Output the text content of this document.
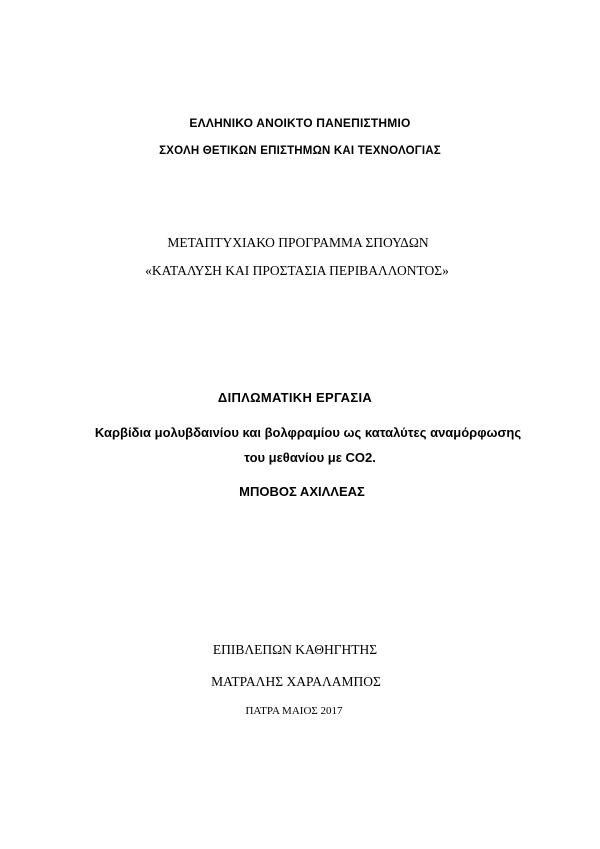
ΕΛΛΗΝΙΚΟ ΑΝΟΙΚΤΟ ΠΑΝΕΠΙΣΤΗΜΙΟ
ΣΧΟΛΗ ΘΕΤΙΚΩΝ ΕΠΙΣΤΗΜΩΝ ΚΑΙ ΤΕΧΝΟΛΟΓΙΑΣ
ΜΕΤΑΠΤΥΧΙΑΚΟ ΠΡΟΓΡΑΜΜΑ ΣΠΟΥΔΩΝ
«ΚΑΤΑΛΥΣΗ ΚΑΙ ΠΡΟΣΤΑΣΙΑ ΠΕΡΙΒΑΛΛΟΝΤΟΣ»
ΔΙΠΛΩΜΑΤΙΚΗ ΕΡΓΑΣΙΑ
Καρβίδια μολυβδαινίου και βολφραμίου ως καταλύτες αναμόρφωσης
του μεθανίου με CO2.
ΜΠΟΒΟΣ ΑΧΙΛΛΕΑΣ
ΕΠΙΒΛΕΠΩΝ ΚΑΘΗΓΗΤΗΣ
ΜΑΤΡΑΛΗΣ ΧΑΡΑΛΑΜΠΟΣ
ΠΑΤΡΑ ΜΑΙΟΣ 2017
